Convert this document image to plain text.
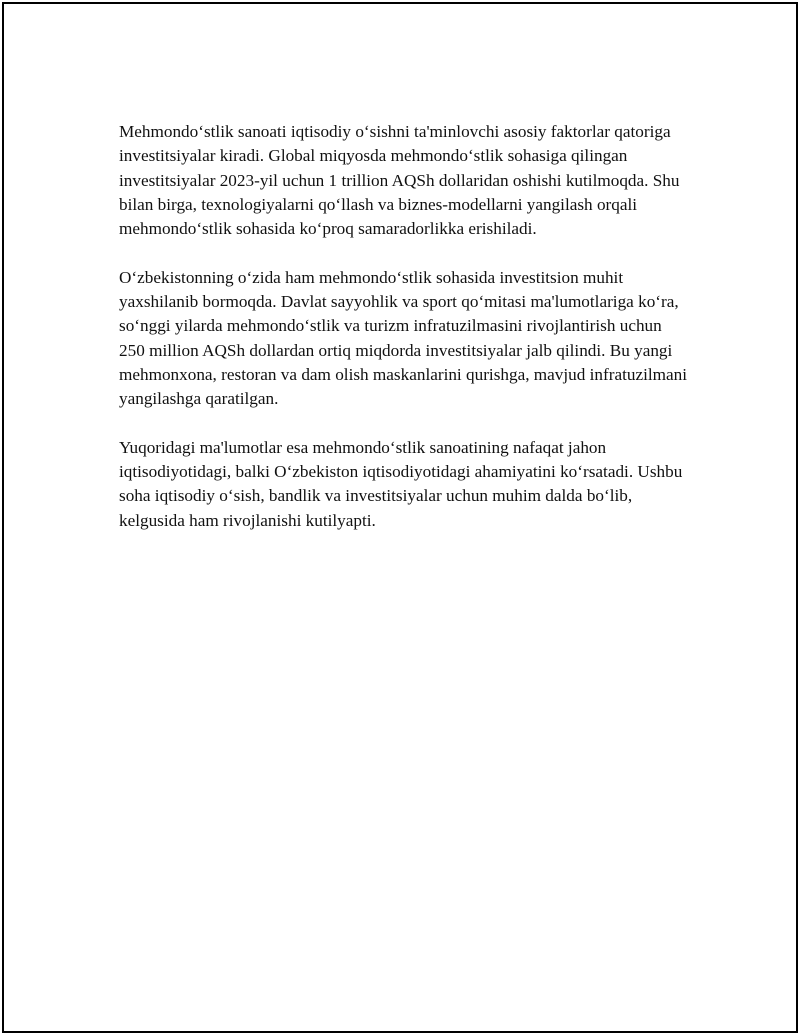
Mehmondo‘stlik sanoati iqtisodiy o‘sishni ta'minlovchi asosiy faktorlar qatoriga investitsiyalar kiradi. Global miqyosda mehmondo‘stlik sohasiga qilingan investitsiyalar 2023-yil uchun 1 trillion AQSh dollaridan oshishi kutilmoqda. Shu bilan birga, texnologiyalarni qo‘llash va biznes-modellarni yangilash orqali mehmondo‘stlik sohasida ko‘proq samaradorlikka erishiladi.

O‘zbekistonning o‘zida ham mehmondo‘stlik sohasida investitsion muhit yaxshilanib bormoqda. Davlat sayyohlik va sport qo‘mitasi ma'lumotlariga ko‘ra, so‘nggi yilarda mehmondo‘stlik va turizm infratuzilmasini rivojlantirish uchun 250 million AQSh dollardan ortiq miqdorda investitsiyalar jalb qilindi. Bu yangi mehmonxona, restoran va dam olish maskanlarini qurishga, mavjud infratuzilmani yangilashga qaratilgan.

Yuqoridagi ma'lumotlar esa mehmondo‘stlik sanoatining nafaqat jahon iqtisodiyotidagi, balki O‘zbekiston iqtisodiyotidagi ahamiyatini ko‘rsatadi. Ushbu soha iqtisodiy o‘sish, bandlik va investitsiyalar uchun muhim dalda bo‘lib, kelgusida ham rivojlanishi kutilyapti.
